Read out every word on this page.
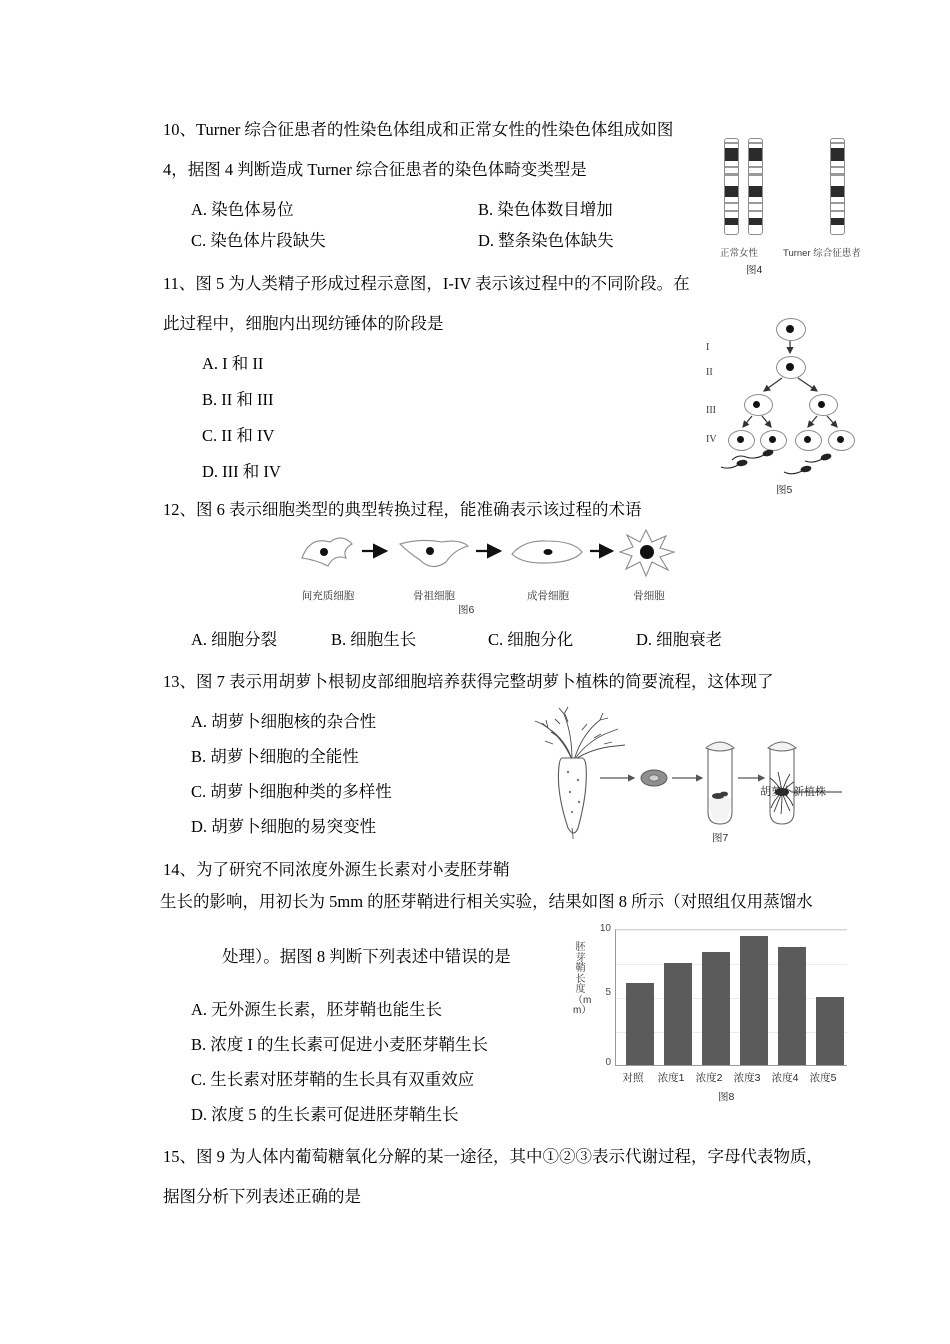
10、Turner 综合征患者的性染色体组成和正常女性的性染色体组成如图
4，据图 4 判断造成 Turner 综合征患者的染色体畸变类型是
A. 染色体易位	B. 染色体数目增加
C. 染色体片段缺失	D. 整条染色体缺失
正常女性	Turner 综合征患者
图4
11、图 5 为人类精子形成过程示意图，I-IV 表示该过程中的不同阶段。在
此过程中，细胞内出现纺锤体的阶段是
A. I 和 II
B. II 和 III
C. II 和 IV
D. III 和 IV
I
II
III
IV
图5
12、图 6 表示细胞类型的典型转换过程，能准确表示该过程的术语
间充质细胞	骨祖细胞	成骨细胞	骨细胞
图6
A. 细胞分裂	B. 细胞生长	C. 细胞分化	D. 细胞衰老
13、图 7 表示用胡萝卜根韧皮部细胞培养获得完整胡萝卜植株的简要流程，这体现了
A. 胡萝卜细胞核的杂合性
B. 胡萝卜细胞的全能性
C. 胡萝卜细胞种类的多样性
D. 胡萝卜细胞的易突变性
胡萝卜新植株
图7
14、为了研究不同浓度外源生长素对小麦胚芽鞘
生长的影响，用初长为 5mm 的胚芽鞘进行相关实验，结果如图 8 所示（对照组仅用蒸馏水
处理）。据图 8 判断下列表述中错误的是
A. 无外源生长素，胚芽鞘也能生长
B. 浓度 I 的生长素可促进小麦胚芽鞘生长
C. 生长素对胚芽鞘的生长具有双重效应
D. 浓度 5 的生长素可促进胚芽鞘生长
胚芽鞘长度（mm）
10
5
0
对照	浓度1	浓度2	浓度3	浓度4	浓度5
图8
15、图 9 为人体内葡萄糖氧化分解的某一途径，其中①②③表示代谢过程，字母代表物质，
据图分析下列表述正确的是
